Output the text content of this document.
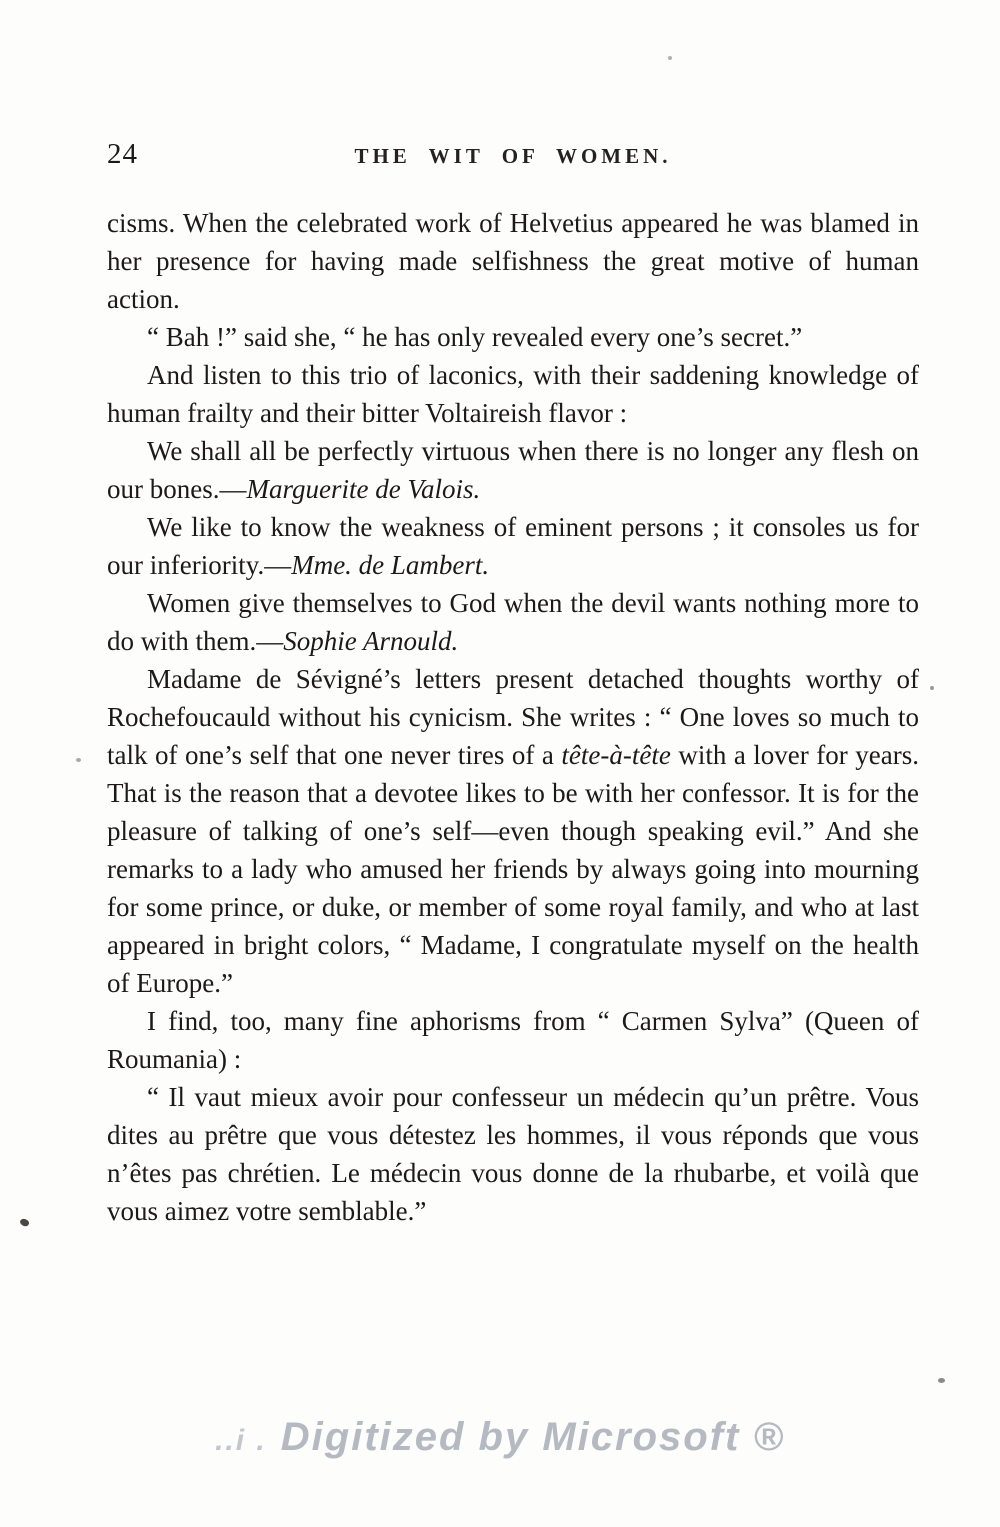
24	THE WIT OF WOMEN.

cisms. When the celebrated work of Helvetius appeared he was blamed in her presence for having made selfishness the great motive of human action.

“ Bah !” said she, “ he has only revealed every one’s secret.”

And listen to this trio of laconics, with their saddening knowledge of human frailty and their bitter Voltaireish flavor :

We shall all be perfectly virtuous when there is no longer any flesh on our bones.—Marguerite de Valois.

We like to know the weakness of eminent persons ; it consoles us for our inferiority.—Mme. de Lambert.

Women give themselves to God when the devil wants nothing more to do with them.—Sophie Arnould.

Madame de Sévigné’s letters present detached thoughts worthy of Rochefoucauld without his cynicism. She writes : “ One loves so much to talk of one’s self that one never tires of a tête-à-tête with a lover for years. That is the reason that a devotee likes to be with her confessor. It is for the pleasure of talking of one’s self—even though speaking evil.” And she remarks to a lady who amused her friends by always going into mourning for some prince, or duke, or member of some royal family, and who at last appeared in bright colors, “ Madame, I congratulate myself on the health of Europe.”

I find, too, many fine aphorisms from “ Carmen Sylva” (Queen of Roumania) :

“ Il vaut mieux avoir pour confesseur un médecin qu’un prêtre. Vous dites au prêtre que vous détestez les hommes, il vous réponds que vous n’êtes pas chrétien. Le médecin vous donne de la rhubarbe, et voilà que vous aimez votre semblable.”

..i . Digitized by Microsoft ®
